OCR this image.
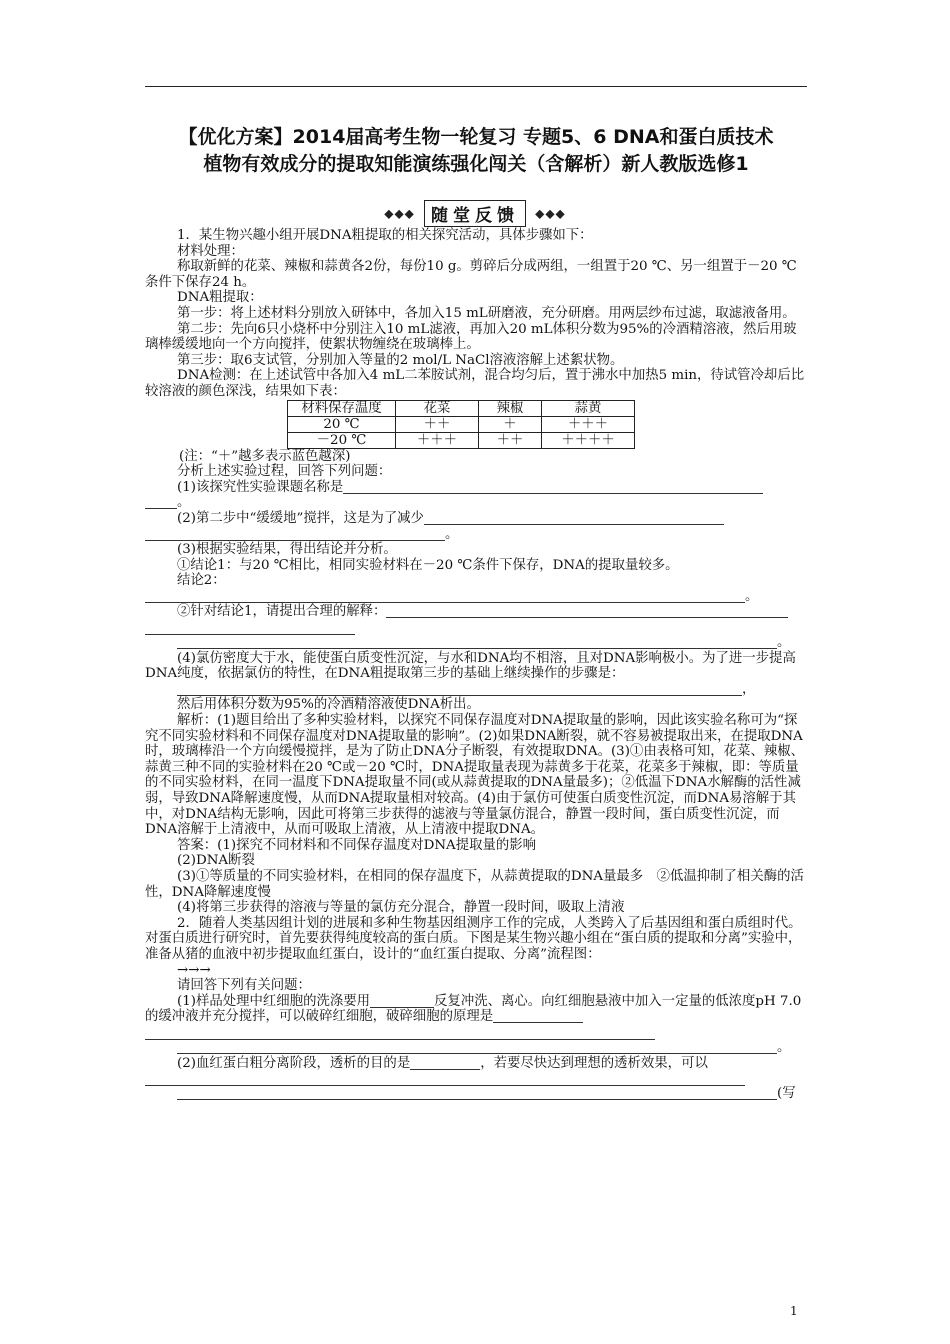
【优化方案】2014届高考生物一轮复习 专题5、6 DNA和蛋白质技术
植物有效成分的提取知能演练强化闯关（含解析）新人教版选修1
◆◆◆ 随堂反馈 ◆◆◆

1．某生物兴趣小组开展DNA粗提取的相关探究活动，具体步骤如下：

材料处理：

称取新鲜的花菜、辣椒和蒜黄各2份，每份10 g。剪碎后分成两组，一组置于20 ℃、另一组置于－20 ℃条件下保存24 h。

DNA粗提取：

第一步：将上述材料分别放入研钵中，各加入15 mL研磨液，充分研磨。用两层纱布过滤，取滤液备用。

第二步：先向6只小烧杯中分别注入10 mL滤液，再加入20 mL体积分数为95%的冷酒精溶液，然后用玻璃棒缓缓地向一个方向搅拌，使絮状物缠绕在玻璃棒上。

第三步：取6支试管，分别加入等量的2 mol/L NaCl溶液溶解上述絮状物。

DNA检测：在上述试管中各加入4 mL二苯胺试剂，混合均匀后，置于沸水中加热5 min，待试管冷却后比较溶液的颜色深浅，结果如下表：

材料保存温度	花菜	辣椒	蒜黄
20 ℃	＋＋	＋	＋＋＋
－20 ℃	＋＋＋	＋＋	＋＋＋＋

(注：“＋”越多表示蓝色越深)

分析上述实验过程，回答下列问题：

(1)该探究性实验课题名称是

。

(2)第二步中“缓缓地”搅拌，这是为了减少

。

(3)根据实验结果，得出结论并分析。

①结论1：与20 ℃相比，相同实验材料在－20 ℃条件下保存，DNA的提取量较多。

结论2：

。

②针对结论1，请提出合理的解释：

。

(4)氯仿密度大于水，能使蛋白质变性沉淀，与水和DNA均不相溶，且对DNA影响极小。为了进一步提高DNA纯度，依据氯仿的特性，在DNA粗提取第三步的基础上继续操作的步骤是：

，

然后用体积分数为95%的冷酒精溶液使DNA析出。

解析：(1)题目给出了多种实验材料，以探究不同保存温度对DNA提取量的影响，因此该实验名称可为“探究不同实验材料和不同保存温度对DNA提取量的影响”。(2)如果DNA断裂，就不容易被提取出来，在提取DNA时，玻璃棒沿一个方向缓慢搅拌，是为了防止DNA分子断裂，有效提取DNA。(3)①由表格可知，花菜、辣椒、蒜黄三种不同的实验材料在20 ℃或－20 ℃时，DNA提取量表现为蒜黄多于花菜，花菜多于辣椒，即：等质量的不同实验材料，在同一温度下DNA提取量不同(或从蒜黄提取的DNA量最多)；②低温下DNA水解酶的活性减弱，导致DNA降解速度慢，从而DNA提取量相对较高。(4)由于氯仿可使蛋白质变性沉淀，而DNA易溶解于其中，对DNA结构无影响，因此可将第三步获得的滤液与等量氯仿混合，静置一段时间，蛋白质变性沉淀，而DNA溶解于上清液中，从而可吸取上清液，从上清液中提取DNA。

答案：(1)探究不同材料和不同保存温度对DNA提取量的影响

(2)DNA断裂

(3)①等质量的不同实验材料，在相同的保存温度下，从蒜黄提取的DNA量最多　②低温抑制了相关酶的活性，DNA降解速度慢

(4)将第三步获得的溶液与等量的氯仿充分混合，静置一段时间，吸取上清液

2．随着人类基因组计划的进展和多种生物基因组测序工作的完成，人类跨入了后基因组和蛋白质组时代。对蛋白质进行研究时，首先要获得纯度较高的蛋白质。下图是某生物兴趣小组在“蛋白质的提取和分离”实验中，准备从猪的血液中初步提取血红蛋白，设计的“血红蛋白提取、分离”流程图：

→→→

请回答下列有关问题：

(1)样品处理中红细胞的洗涤要用	反复冲洗、离心。向红细胞悬液中加入一定量的低浓度pH 7.0的缓冲液并充分搅拌，可以破碎红细胞，破碎细胞的原理是

。

(2)血红蛋白粗分离阶段，透析的目的是	，若要尽快达到理想的透析效果，可以

(写

1
